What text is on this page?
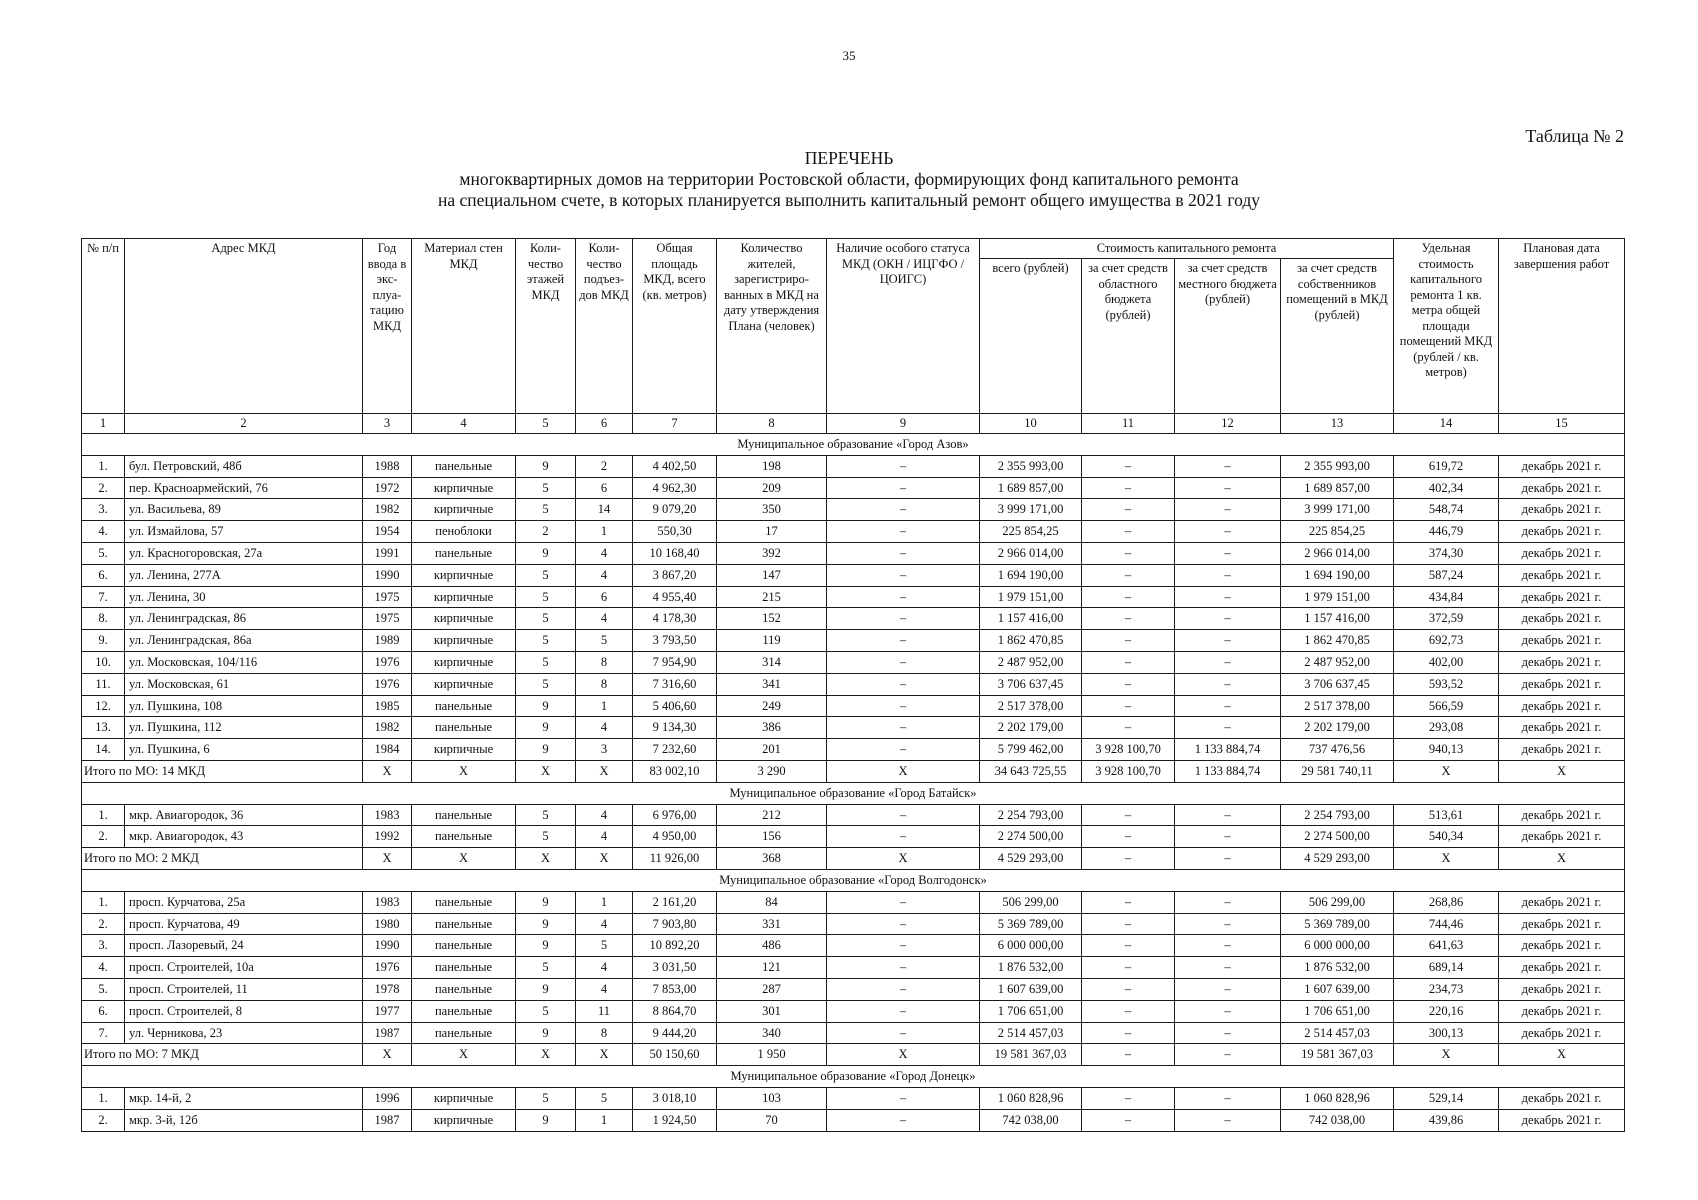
35
Таблица № 2
ПЕРЕЧЕНЬ
многоквартирных домов на территории Ростовской области, формирующих фонд капитального ремонта
на специальном счете, в которых планируется выполнить капитальный ремонт общего имущества в 2021 году
№ п/п	Адрес МКД	Год ввода в экс-плуа-тацию МКД	Материал стен МКД	Коли-чество этажей МКД	Коли-чество подъез-дов МКД	Общая площадь МКД, всего (кв. метров)	Количество жителей, зарегистриро-ванных в МКД на дату утверждения Плана (человек)	Наличие особого статуса МКД (ОКН / ИЦГФО / ЦОИГС)	Стоимость капитального ремонта				Удельная стоимость капитального ремонта 1 кв. метра общей площади помещений МКД (рублей / кв. метров)	Плановая дата завершения работ
									всего (рублей)	за счет средств областного бюджета (рублей)	за счет средств местного бюджета (рублей)	за счет средств собственников помещений в МКД (рублей)		
1	2	3	4	5	6	7	8	9	10	11	12	13	14	15
Муниципальное образование «Город Азов»														
1.	бул. Петровский, 48б	1988	панельные	9	2	4 402,50	198	–	2 355 993,00	–	–	2 355 993,00	619,72	декабрь 2021 г.
2.	пер. Красноармейский, 76	1972	кирпичные	5	6	4 962,30	209	–	1 689 857,00	–	–	1 689 857,00	402,34	декабрь 2021 г.
3.	ул. Васильева, 89	1982	кирпичные	5	14	9 079,20	350	–	3 999 171,00	–	–	3 999 171,00	548,74	декабрь 2021 г.
4.	ул. Измайлова, 57	1954	пеноблоки	2	1	550,30	17	–	225 854,25	–	–	225 854,25	446,79	декабрь 2021 г.
5.	ул. Красногоровская, 27а	1991	панельные	9	4	10 168,40	392	–	2 966 014,00	–	–	2 966 014,00	374,30	декабрь 2021 г.
6.	ул. Ленина, 277А	1990	кирпичные	5	4	3 867,20	147	–	1 694 190,00	–	–	1 694 190,00	587,24	декабрь 2021 г.
7.	ул. Ленина, 30	1975	кирпичные	5	6	4 955,40	215	–	1 979 151,00	–	–	1 979 151,00	434,84	декабрь 2021 г.
8.	ул. Ленинградская, 86	1975	кирпичные	5	4	4 178,30	152	–	1 157 416,00	–	–	1 157 416,00	372,59	декабрь 2021 г.
9.	ул. Ленинградская, 86а	1989	кирпичные	5	5	3 793,50	119	–	1 862 470,85	–	–	1 862 470,85	692,73	декабрь 2021 г.
10.	ул. Московская, 104/116	1976	кирпичные	5	8	7 954,90	314	–	2 487 952,00	–	–	2 487 952,00	402,00	декабрь 2021 г.
11.	ул. Московская, 61	1976	кирпичные	5	8	7 316,60	341	–	3 706 637,45	–	–	3 706 637,45	593,52	декабрь 2021 г.
12.	ул. Пушкина, 108	1985	панельные	9	1	5 406,60	249	–	2 517 378,00	–	–	2 517 378,00	566,59	декабрь 2021 г.
13.	ул. Пушкина, 112	1982	панельные	9	4	9 134,30	386	–	2 202 179,00	–	–	2 202 179,00	293,08	декабрь 2021 г.
14.	ул. Пушкина, 6	1984	кирпичные	9	3	7 232,60	201	–	5 799 462,00	3 928 100,70	1 133 884,74	737 476,56	940,13	декабрь 2021 г.
Итого по МО: 14 МКД		X	X	X	X	83 002,10	3 290	X	34 643 725,55	3 928 100,70	1 133 884,74	29 581 740,11	X	X
Муниципальное образование «Город Батайск»														
1.	мкр. Авиагородок, 36	1983	панельные	5	4	6 976,00	212	–	2 254 793,00	–	–	2 254 793,00	513,61	декабрь 2021 г.
2.	мкр. Авиагородок, 43	1992	панельные	5	4	4 950,00	156	–	2 274 500,00	–	–	2 274 500,00	540,34	декабрь 2021 г.
Итого по МО: 2 МКД		X	X	X	X	11 926,00	368	X	4 529 293,00	–	–	4 529 293,00	X	X
Муниципальное образование «Город Волгодонск»														
1.	просп. Курчатова, 25а	1983	панельные	9	1	2 161,20	84	–	506 299,00	–	–	506 299,00	268,86	декабрь 2021 г.
2.	просп. Курчатова, 49	1980	панельные	9	4	7 903,80	331	–	5 369 789,00	–	–	5 369 789,00	744,46	декабрь 2021 г.
3.	просп. Лазоревый, 24	1990	панельные	9	5	10 892,20	486	–	6 000 000,00	–	–	6 000 000,00	641,63	декабрь 2021 г.
4.	просп. Строителей, 10а	1976	панельные	5	4	3 031,50	121	–	1 876 532,00	–	–	1 876 532,00	689,14	декабрь 2021 г.
5.	просп. Строителей, 11	1978	панельные	9	4	7 853,00	287	–	1 607 639,00	–	–	1 607 639,00	234,73	декабрь 2021 г.
6.	просп. Строителей, 8	1977	панельные	5	11	8 864,70	301	–	1 706 651,00	–	–	1 706 651,00	220,16	декабрь 2021 г.
7.	ул. Черникова, 23	1987	панельные	9	8	9 444,20	340	–	2 514 457,03	–	–	2 514 457,03	300,13	декабрь 2021 г.
Итого по МО: 7 МКД		X	X	X	X	50 150,60	1 950	X	19 581 367,03	–	–	19 581 367,03	X	X
Муниципальное образование «Город Донецк»														
1.	мкр. 14-й, 2	1996	кирпичные	5	5	3 018,10	103	–	1 060 828,96	–	–	1 060 828,96	529,14	декабрь 2021 г.
2.	мкр. 3-й, 12б	1987	кирпичные	9	1	1 924,50	70	–	742 038,00	–	–	742 038,00	439,86	декабрь 2021 г.
